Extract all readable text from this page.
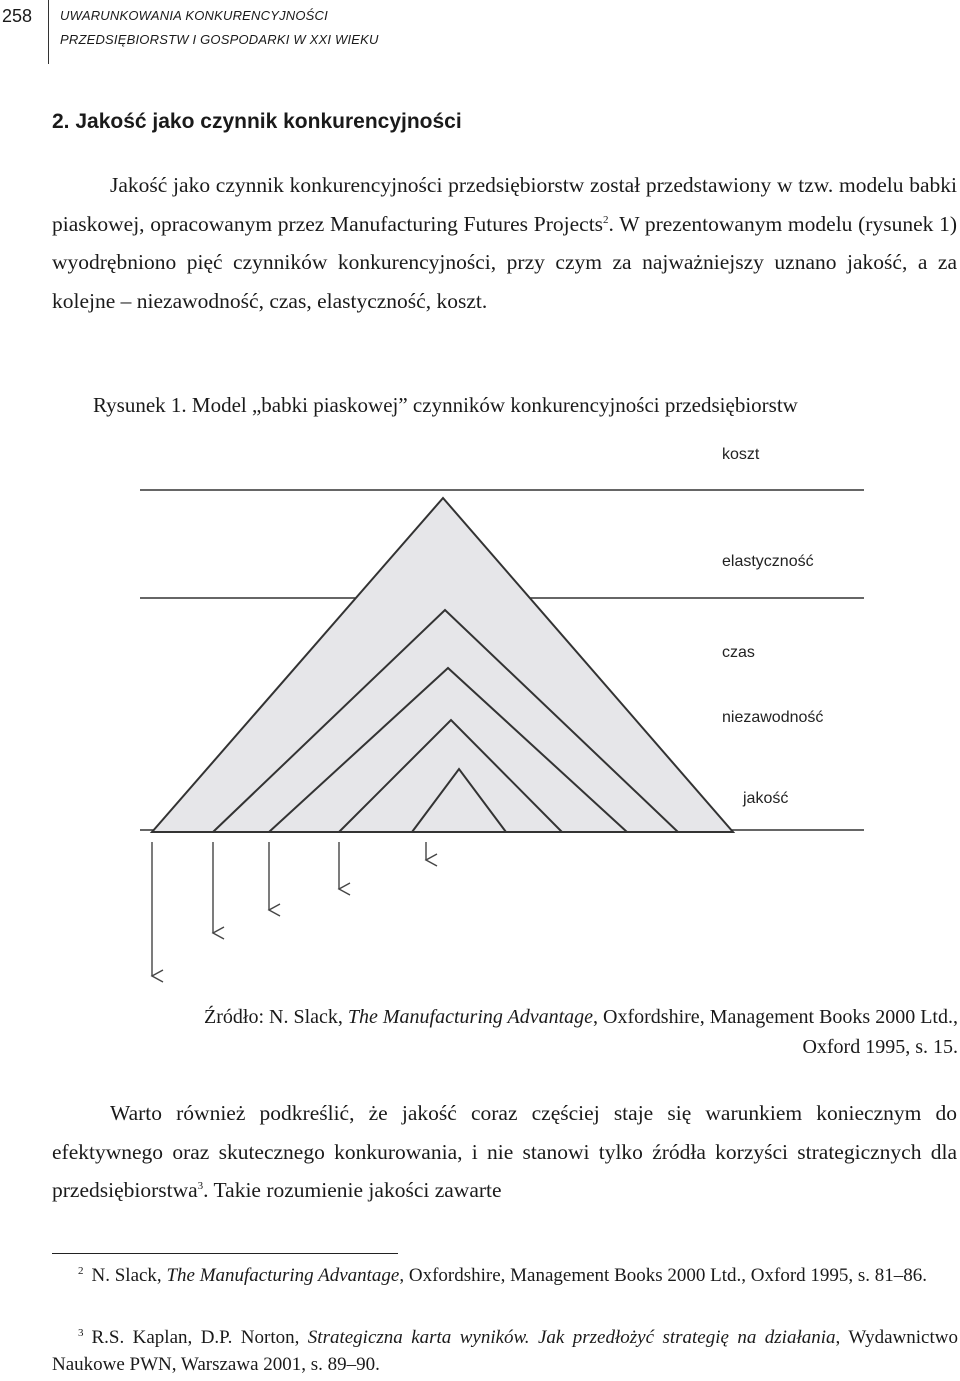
258 UWARUNKOWANIA KONKURENCYJNOŚCI
PRZEDSIĘBIORSTW I GOSPODARKI W XXI WIEKU
2. Jakość jako czynnik konkurencyjności

Jakość jako czynnik konkurencyjności przedsiębiorstw został przedstawiony w tzw. modelu babki piaskowej, opracowanym przez Manufacturing Futures Projects$^2$. W prezentowanym modelu (rysunek 1) wyodrębniono pięć czynników konkurencyjności, przy czym za najważniejszy uznano jakość, a za kolejne – niezawodność, czas, elastyczność, koszt.

Rysunek 1. Model „babki piaskowej” czynników konkurencyjności przedsiębiorstw

koszt
elastyczność
czas
niezawodność
jakość

Źródło: N. Slack, The Manufacturing Advantage, Oxfordshire, Management Books 2000 Ltd.,
Oxford 1995, s. 15.

Warto również podkreślić, że jakość coraz częściej staje się warunkiem koniecznym do efektywnego oraz skutecznego konkurowania, i nie stanowi tylko źródła korzyści strategicznych dla przedsiębiorstwa$^3$. Takie rozumienie jakości zawarte

$^2$ N. Slack, The Manufacturing Advantage, Oxfordshire, Management Books 2000 Ltd., Oxford 1995, s. 81–86.

$^3$ R.S. Kaplan, D.P. Norton, Strategiczna karta wyników. Jak przedłożyć strategię na działania, Wydawnictwo Naukowe PWN, Warszawa 2001, s. 89–90.
